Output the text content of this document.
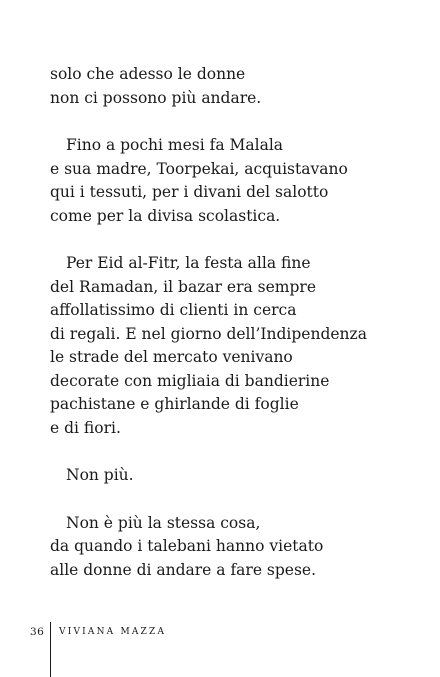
solo che adesso le donne
non ci possono più andare.

Fino a pochi mesi fa Malala
e sua madre, Toorpekai, acquistavano
qui i tessuti, per i divani del salotto
come per la divisa scolastica.

Per Eid al-Fitr, la festa alla fine
del Ramadan, il bazar era sempre
affollatissimo di clienti in cerca
di regali. E nel giorno dell’Indipendenza
le strade del mercato venivano
decorate con migliaia di bandierine
pachistane e ghirlande di foglie
e di fiori.

Non più.

Non è più la stessa cosa,
da quando i talebani hanno vietato
alle donne di andare a fare spese.

36 VIVIANA MAZZA
